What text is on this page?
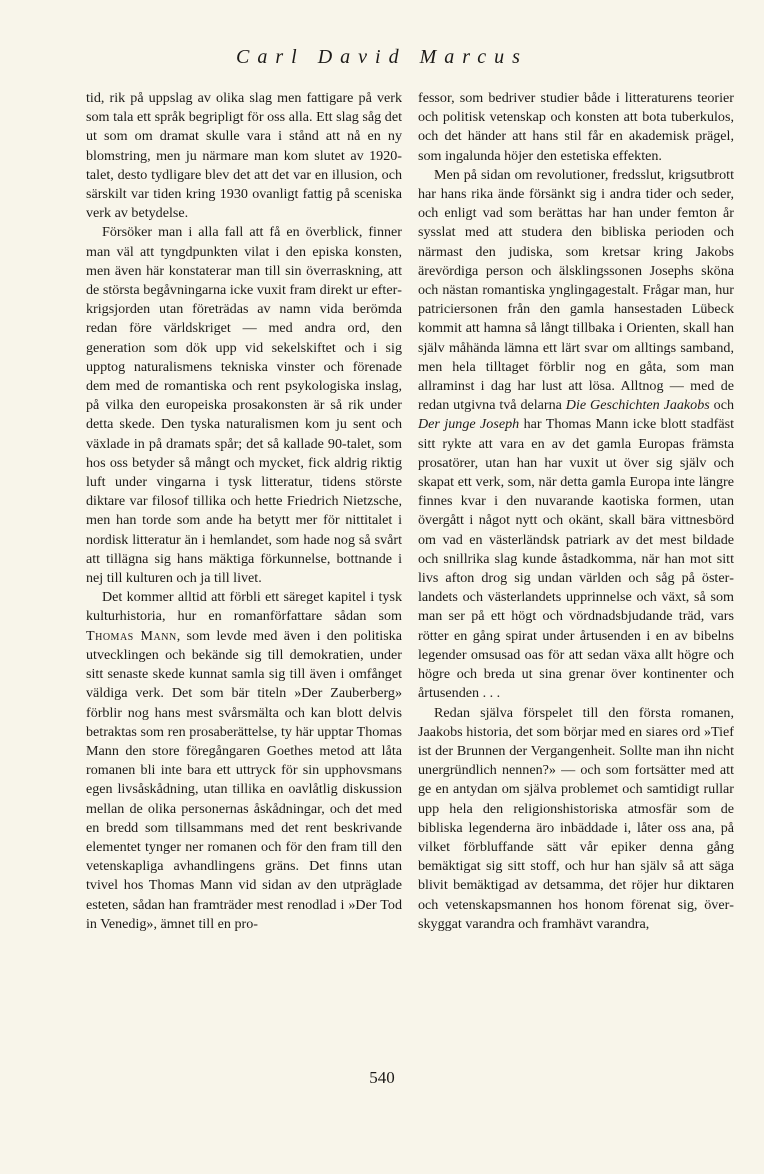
Carl David Marcus

tid, rik på uppslag av olika slag men fattigare på verk som tala ett språk begripligt för oss alla. Ett slag såg det ut som om dramat skulle vara i stånd att nå en ny blomstring, men ju närmare man kom slutet av 1920-talet, desto tydligare blev det att det var en illusion, och särskilt var tiden kring 1930 ovanligt fattig på sceniska verk av betydelse.

Försöker man i alla fall att få en överblick, finner man väl att tyngdpunkten vilat i den episka konsten, men även här konstaterar man till sin överraskning, att de största begåvningarna icke vuxit fram direkt ur efterkrigsjorden utan företrädas av namn vida berömda redan före världskriget — med andra ord, den generation som dök upp vid sekelskiftet och i sig upptog naturalismens tekniska vinster och förenade dem med de romantiska och rent psykologiska inslag, på vilka den europeiska prosakonsten är så rik under detta skede. Den tyska naturalismen kom ju sent och växlade in på dramats spår; det så kallade 90-talet, som hos oss betyder så mångt och mycket, fick aldrig riktig luft under vingarna i tysk litteratur, tidens störste diktare var filosof tillika och hette Friedrich Nietzsche, men han torde som ande ha betytt mer för nittitalet i nordisk litteratur än i hemlandet, som hade nog så svårt att tillägna sig hans mäktiga förkunnelse, bottnande i nej till kulturen och ja till livet.

Det kommer alltid att förbli ett säreget kapitel i tysk kulturhistoria, hur en romanförfattare sådan som Thomas Mann, som levde med även i den politiska utvecklingen och bekände sig till demokratien, under sitt senaste skede kunnat samla sig till även i omfånget väldiga verk. Det som bär titeln »Der Zauberberg» förblir nog hans mest svårsmälta och kan blott delvis betraktas som ren prosaberättelse, ty här upptar Thomas Mann den store föregångaren Goethes metod att låta romanen bli inte bara ett uttryck för sin upphovsmans egen livsåskådning, utan tillika en oavlåtlig diskussion mellan de olika personernas åskådningar, och det med en bredd som tillsammans med det rent beskrivande elementet tynger ner romanen och för den fram till den vetenskapliga avhandlingens gräns. Det finns utan tvivel hos Thomas Mann vid sidan av den utpräglade esteten, sådan han framträder mest renodlad i »Der Tod in Venedig», ämnet till en pro-

fessor, som bedriver studier både i litteraturens teorier och politisk vetenskap och konsten att bota tuberkulos, och det händer att hans stil får en akademisk prägel, som ingalunda höjer den estetiska effekten.

Men på sidan om revolutioner, fredsslut, krigsutbrott har hans rika ände försänkt sig i andra tider och seder, och enligt vad som berättas har han under femton år sysslat med att studera den bibliska perioden och närmast den judiska, som kretsar kring Jakobs ärevördiga person och älsklingssonen Josephs sköna och nästan romantiska ynglingagestalt. Frågar man, hur patriciersonen från den gamla hansestaden Lübeck kommit att hamna så långt tillbaka i Orienten, skall han själv måhända lämna ett lärt svar om alltings samband, men hela tilltaget förblir nog en gåta, som man allraminst i dag har lust att lösa. Alltnog — med de redan utgivna två delarna Die Geschichten Jaakobs och Der junge Joseph har Thomas Mann icke blott stadfäst sitt rykte att vara en av det gamla Europas främsta prosatörer, utan han har vuxit ut över sig själv och skapat ett verk, som, när detta gamla Europa inte längre finnes kvar i den nuvarande kaotiska formen, utan övergått i något nytt och okänt, skall bära vittnesbörd om vad en västerländsk patriark av det mest bildade och snillrika slag kunde åstadkomma, när han mot sitt livs afton drog sig undan världen och såg på österlandets och västerlandets upprinnelse och växt, så som man ser på ett högt och vördnadsbjudande träd, vars rötter en gång spirat under årtusenden i en av bibelns legender omsusad oas för att sedan växa allt högre och högre och breda ut sina grenar över kontinenter och årtusenden . . .

Redan själva förspelet till den första romanen, Jaakobs historia, det som börjar med en siares ord »Tief ist der Brunnen der Vergangenheit. Sollte man ihn nicht unergründlich nennen?» — och som fortsätter med att ge en antydan om själva problemet och samtidigt rullar upp hela den religionshistoriska atmosfär som de bibliska legenderna äro inbäddade i, låter oss ana, på vilket förbluffande sätt vår epiker denna gång bemäktigat sig sitt stoff, och hur han själv så att säga blivit bemäktigad av detsamma, det röjer hur diktaren och vetenskapsmannen hos honom förenat sig, överskyggat varandra och framhävt varandra,

540
